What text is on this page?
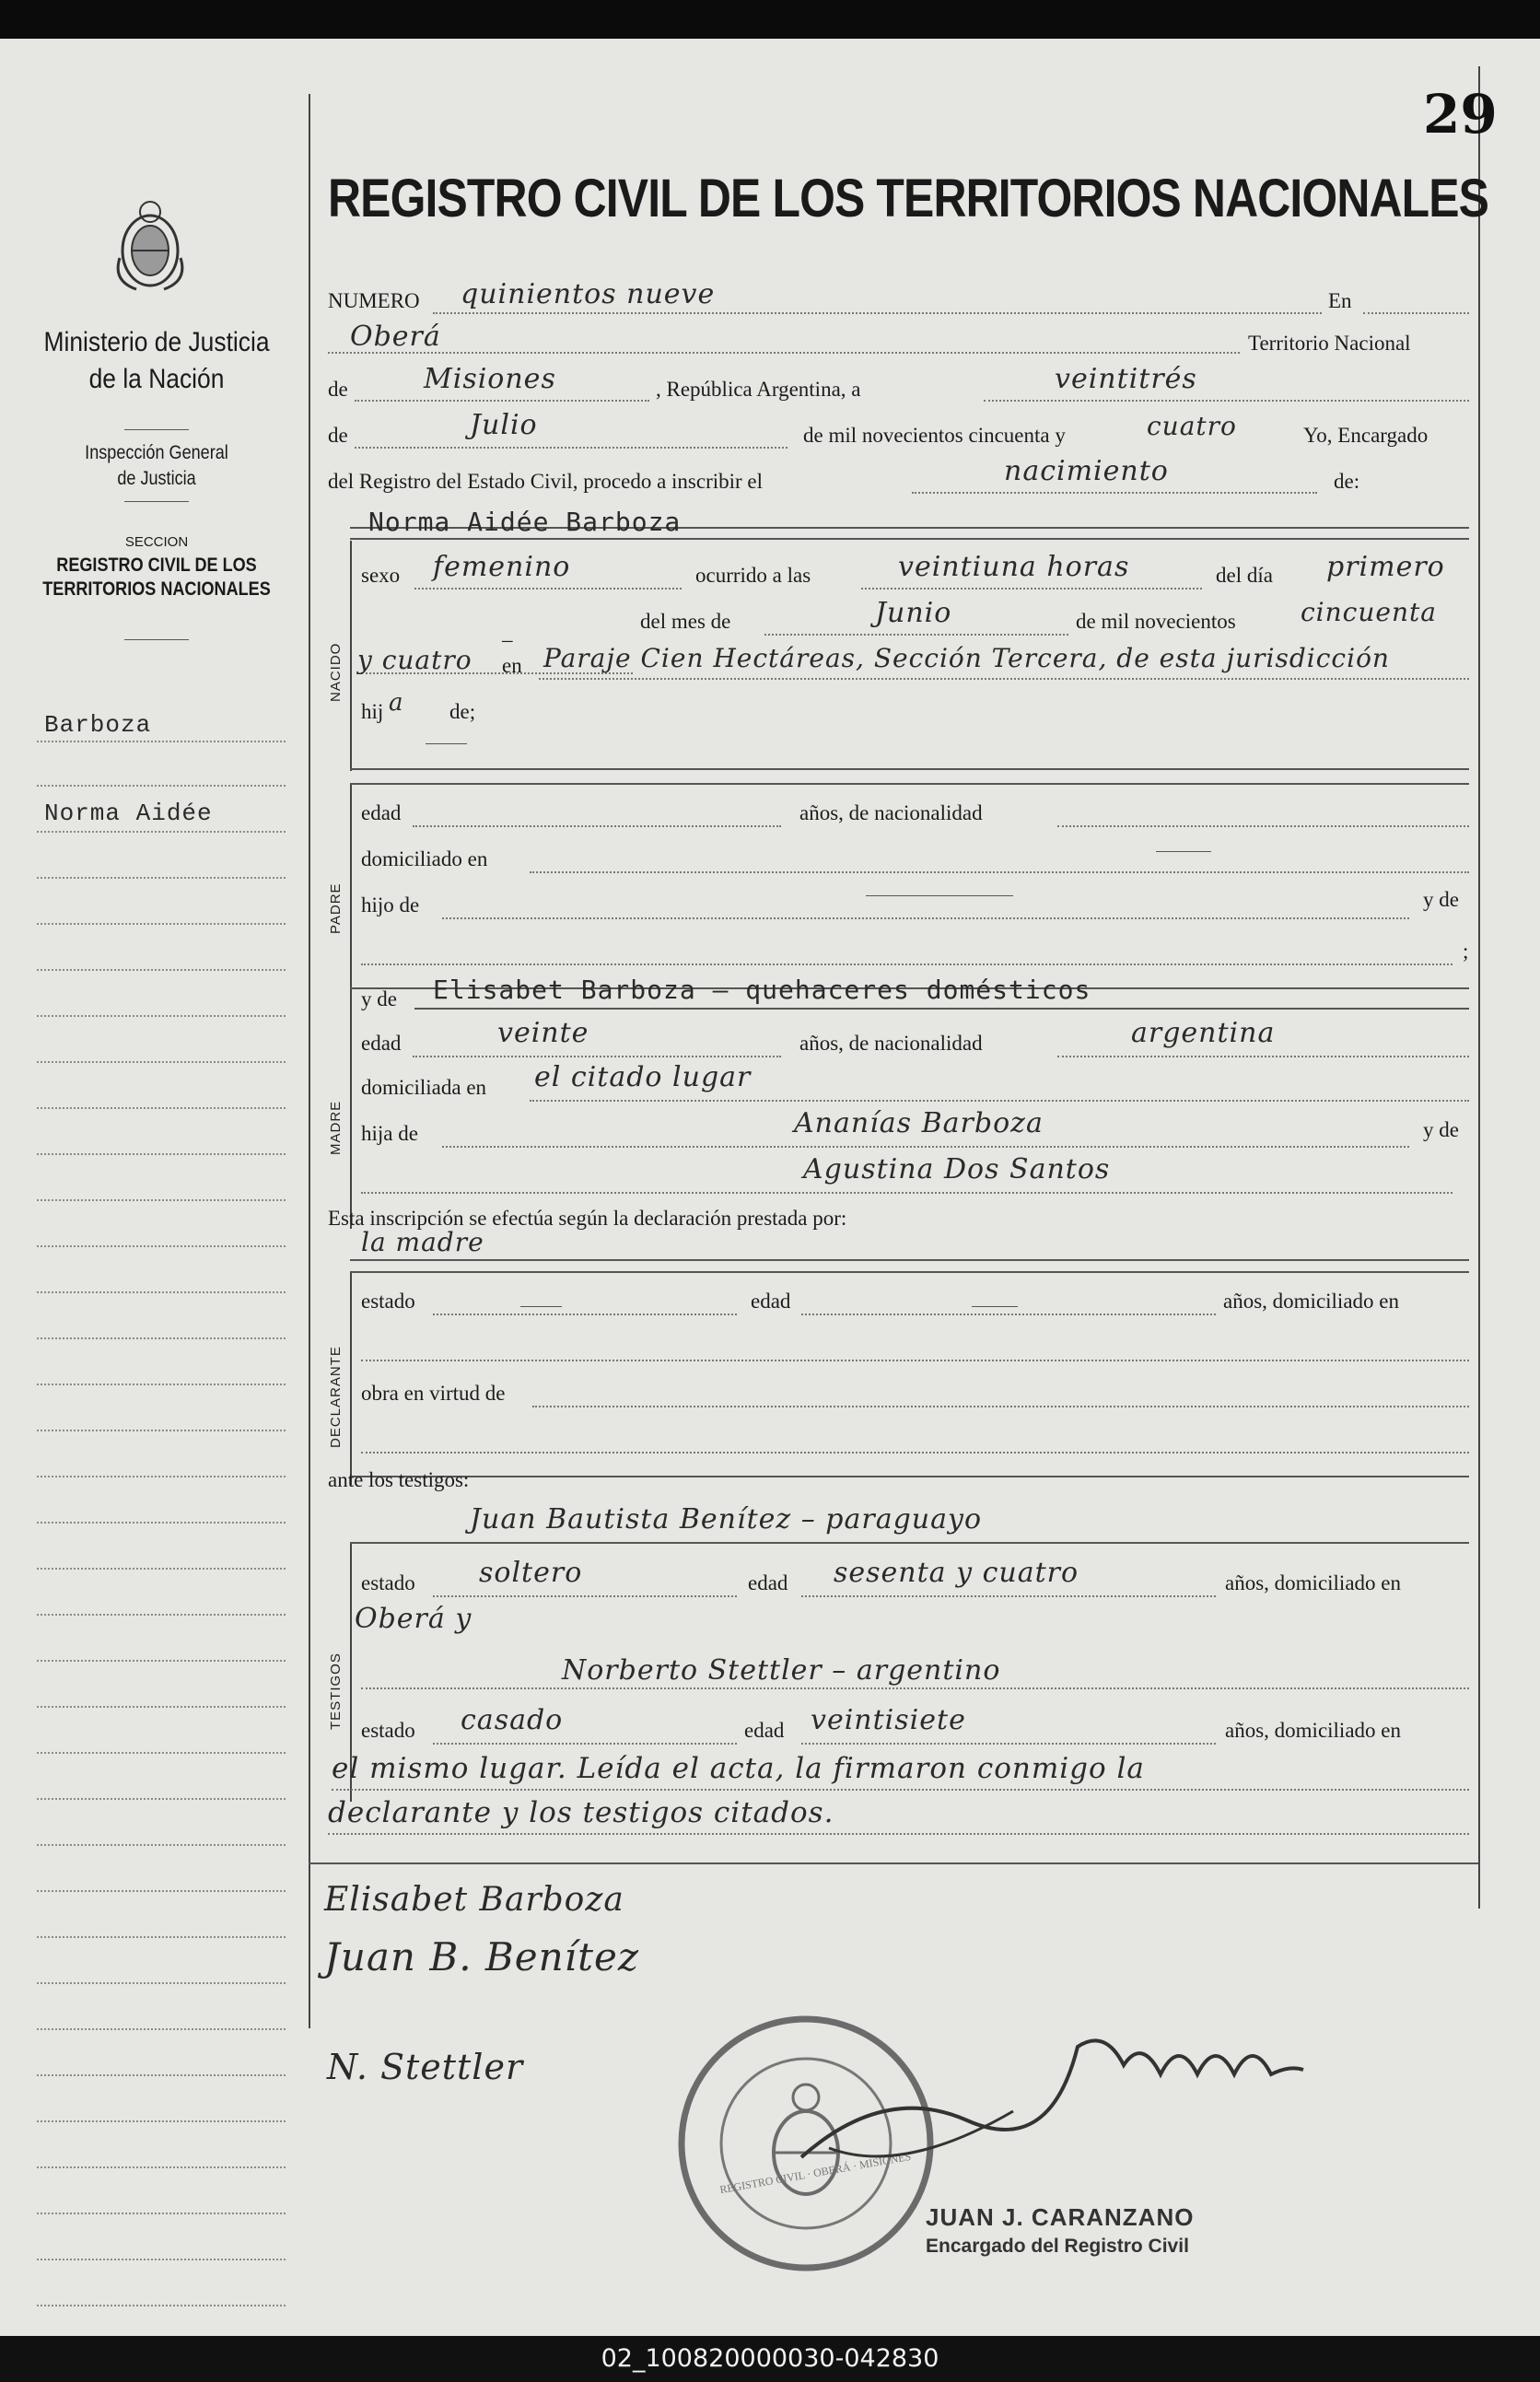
29
REGISTRO CIVIL DE LOS TERRITORIOS NACIONALES
Ministerio de Justicia
de la Nación
Inspección General
de Justicia
SECCION
REGISTRO CIVIL DE LOS
TERRITORIOS NACIONALES
Barboza
Norma Aidée
NUMERO quinientos nueve	En
Oberá	Territorio Nacional
de	Misiones	, República Argentina, a	veintitrés
de	Julio	de mil novecientos cincuenta y	cuatro	Yo, Encargado
del Registro del Estado Civil, procedo a inscribir el	nacimiento	de:
Norma Aidée Barboza
NACIDO
sexo femenino	ocurrido a las	veintiuna horas	del día primero
–
del mes de	Junio	de mil novecientos	cincuenta
y cuatro en Paraje Cien Hectáreas, Sección Tercera, de esta jurisdicción
hij a de;
PADRE
edad	años, de nacionalidad
domiciliado en
hijo de	y de
;
MADRE
y de Elisabet Barboza – quehaceres domésticos
edad	veinte	años, de nacionalidad	argentina
domiciliada en el citado lugar
hija de	Ananías Barboza	y de
Agustina Dos Santos
Esta inscripción se efectúa según la declaración prestada por:
la madre
DECLARANTE
estado	edad	años, domiciliado en
obra en virtud de
ante los testigos:
Juan Bautista Benítez – paraguayo
TESTIGOS
estado soltero	edad sesenta y cuatro	años, domiciliado en
Oberá y
Norberto Stettler – argentino
estado casado	edad veintisiete	años, domiciliado en
el mismo lugar. Leída el acta, la firmaron conmigo la
declarante y los testigos citados.
Elisabet Barboza
Juan B. Benítez
N. Stettler
REGISTRO CIVIL · OBERÁ · MISIONES
JUAN J. CARANZANO
Encargado del Registro Civil
02_100820000030-042830
